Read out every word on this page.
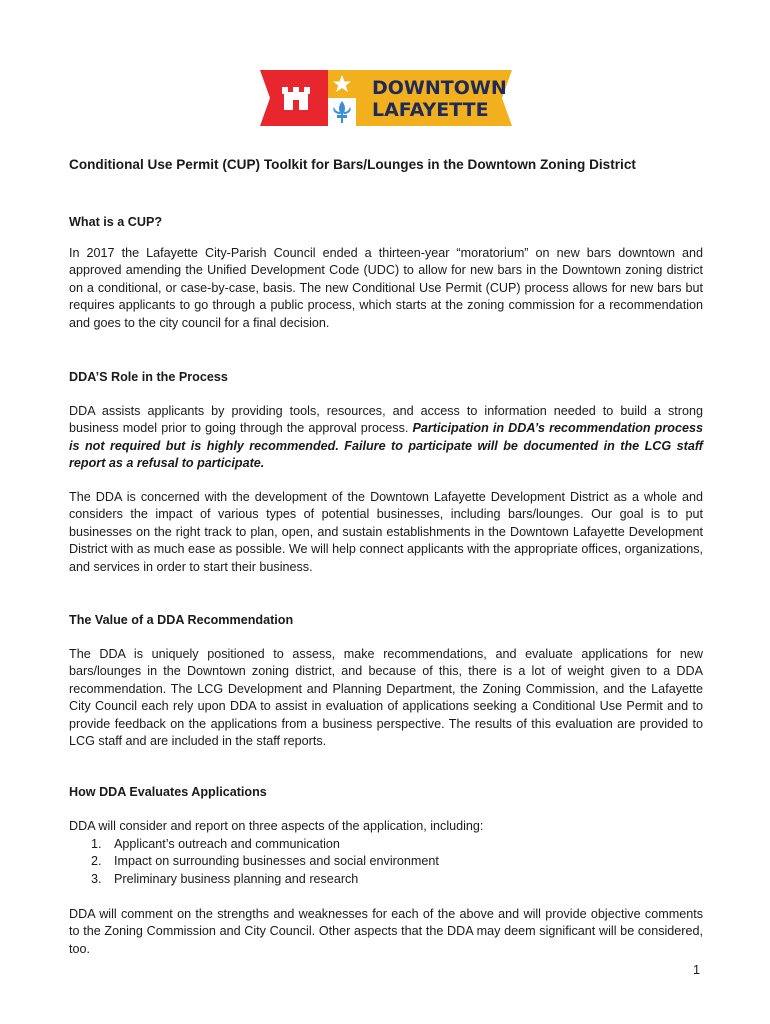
DOWNTOWN
LAFAYETTE
Conditional Use Permit (CUP) Toolkit for Bars/Lounges in the Downtown Zoning District
What is a CUP?

In 2017 the Lafayette City-Parish Council ended a thirteen-year “moratorium” on new bars downtown and approved amending the Unified Development Code (UDC) to allow for new bars in the Downtown zoning district on a conditional, or case-by-case, basis. The new Conditional Use Permit (CUP) process allows for new bars but requires applicants to go through a public process, which starts at the zoning commission for a recommendation and goes to the city council for a final decision.

DDA’S Role in the Process

DDA assists applicants by providing tools, resources, and access to information needed to build a strong business model prior to going through the approval process. Participation in DDA’s recommendation process is not required but is highly recommended. Failure to participate will be documented in the LCG staff report as a refusal to participate.

The DDA is concerned with the development of the Downtown Lafayette Development District as a whole and considers the impact of various types of potential businesses, including bars/lounges. Our goal is to put businesses on the right track to plan, open, and sustain establishments in the Downtown Lafayette Development District with as much ease as possible. We will help connect applicants with the appropriate offices, organizations, and services in order to start their business.

The Value of a DDA Recommendation

The DDA is uniquely positioned to assess, make recommendations, and evaluate applications for new bars/lounges in the Downtown zoning district, and because of this, there is a lot of weight given to a DDA recommendation. The LCG Development and Planning Department, the Zoning Commission, and the Lafayette City Council each rely upon DDA to assist in evaluation of applications seeking a Conditional Use Permit and to provide feedback on the applications from a business perspective. The results of this evaluation are provided to LCG staff and are included in the staff reports.

How DDA Evaluates Applications

DDA will consider and report on three aspects of the application, including:

1. Applicant’s outreach and communication
2. Impact on surrounding businesses and social environment
3. Preliminary business planning and research

DDA will comment on the strengths and weaknesses for each of the above and will provide objective comments to the Zoning Commission and City Council. Other aspects that the DDA may deem significant will be considered, too.

1
